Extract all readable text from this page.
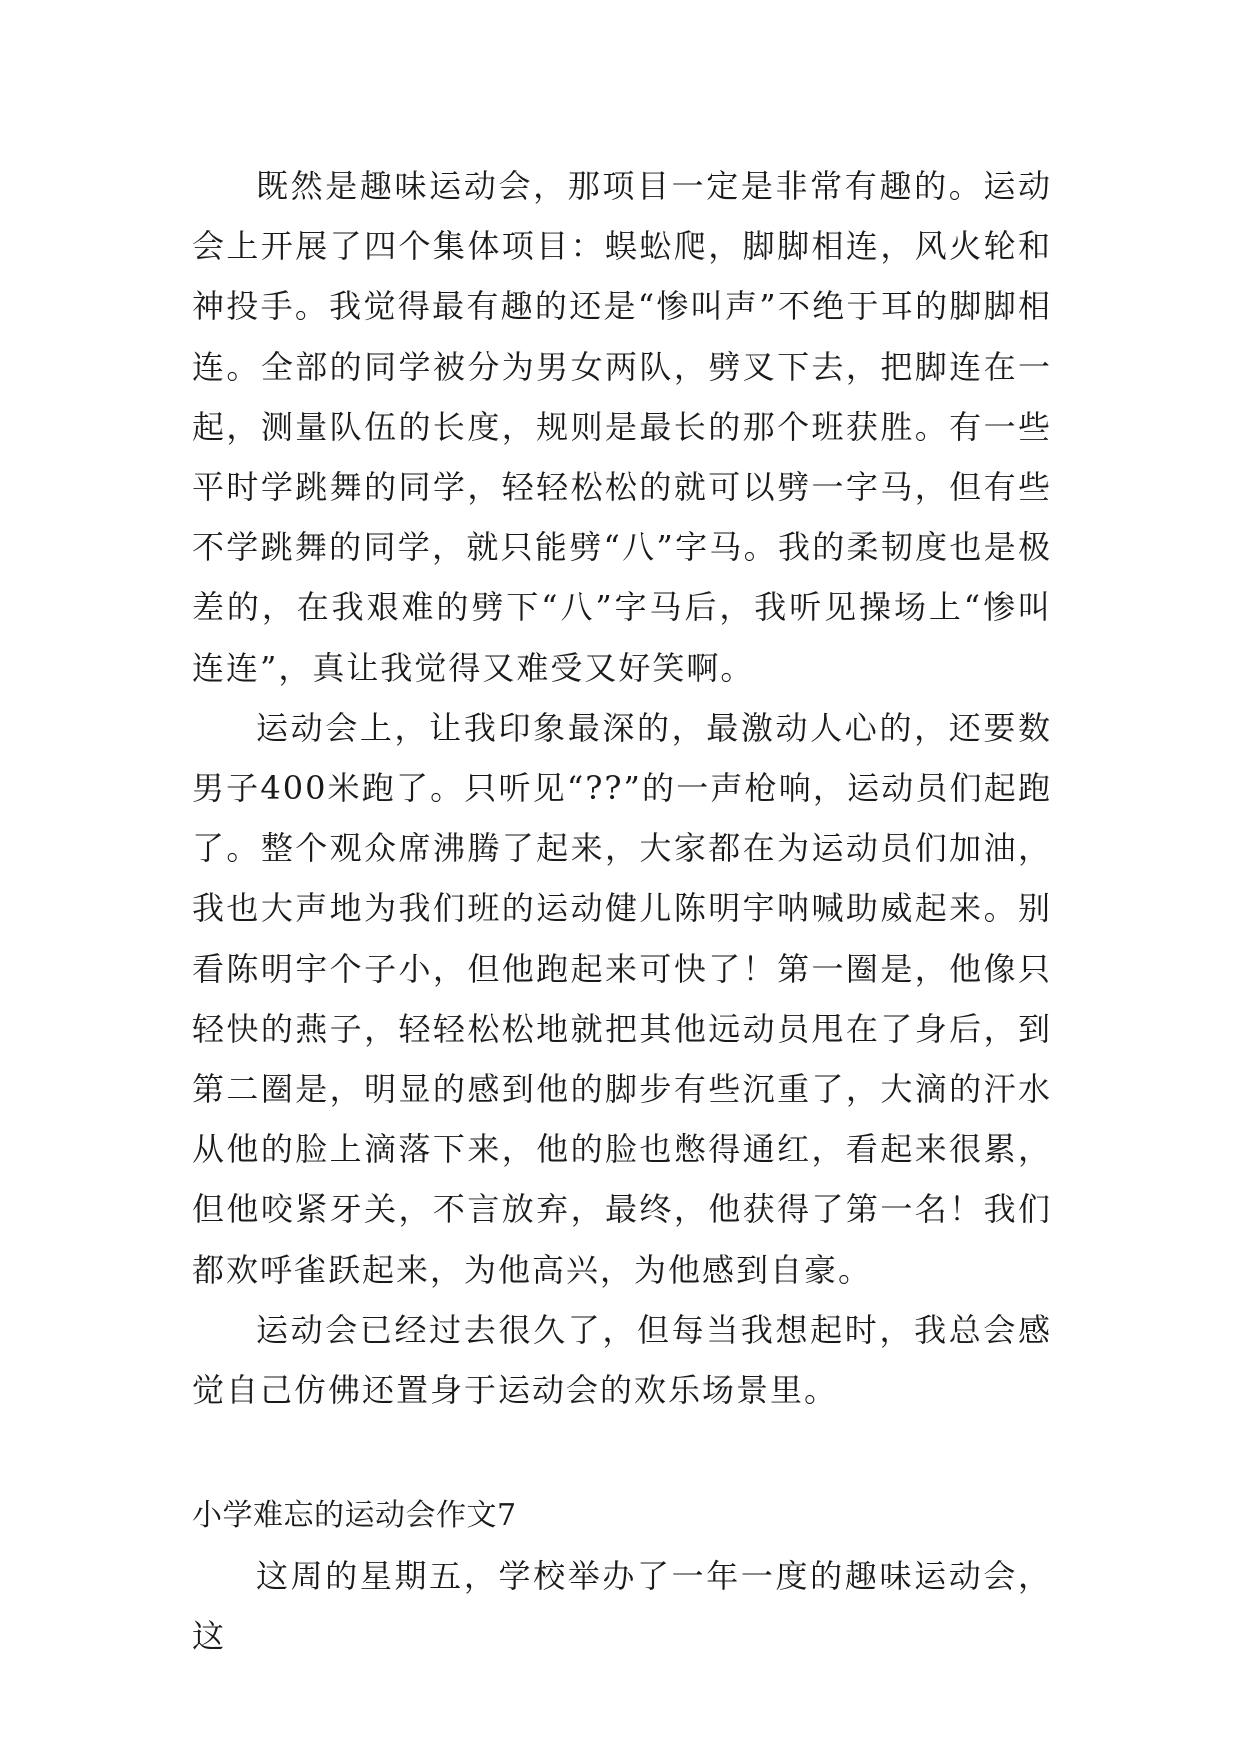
既然是趣味运动会，那项目一定是非常有趣的。运动会上开展了四个集体项目：蜈蚣爬，脚脚相连，风火轮和神投手。我觉得最有趣的还是“惨叫声”不绝于耳的脚脚相连。全部的同学被分为男女两队，劈叉下去，把脚连在一起，测量队伍的长度，规则是最长的那个班获胜。有一些平时学跳舞的同学，轻轻松松的就可以劈一字马，但有些不学跳舞的同学，就只能劈“八”字马。我的柔韧度也是极差的，在我艰难的劈下“八”字马后，我听见操场上“惨叫连连”，真让我觉得又难受又好笑啊。

运动会上，让我印象最深的，最激动人心的，还要数男子400米跑了。只听见“??”的一声枪响，运动员们起跑了。整个观众席沸腾了起来，大家都在为运动员们加油，我也大声地为我们班的运动健儿陈明宇呐喊助威起来。别看陈明宇个子小，但他跑起来可快了！第一圈是，他像只轻快的燕子，轻轻松松地就把其他远动员甩在了身后，到第二圈是，明显的感到他的脚步有些沉重了，大滴的汗水从他的脸上滴落下来，他的脸也憋得通红，看起来很累，但他咬紧牙关，不言放弃，最终，他获得了第一名！我们都欢呼雀跃起来，为他高兴，为他感到自豪。

运动会已经过去很久了，但每当我想起时，我总会感觉自己仿佛还置身于运动会的欢乐场景里。

小学难忘的运动会作文7

这周的星期五，学校举办了一年一度的趣味运动会，这
